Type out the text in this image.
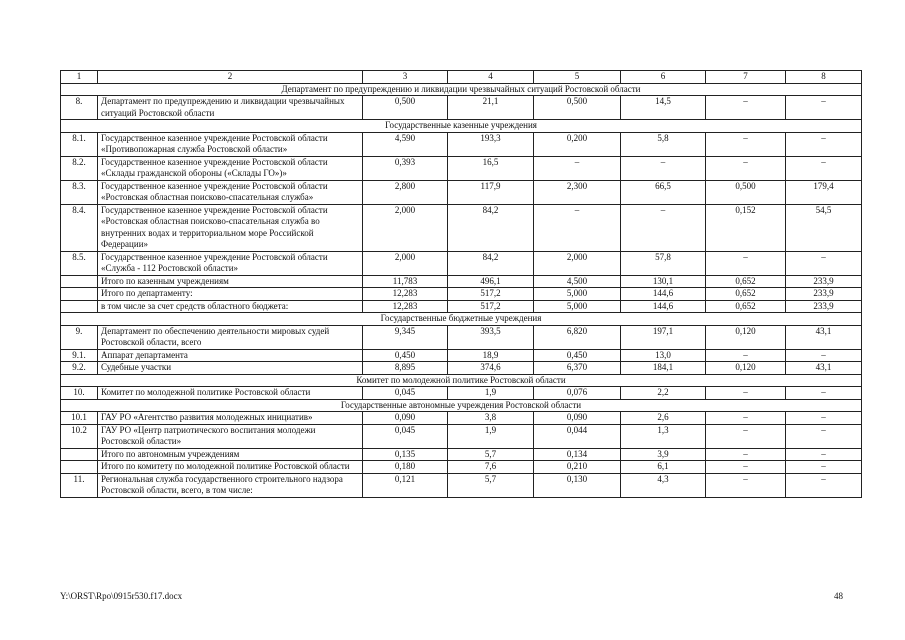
1	2	3	4	5	6	7	8
Департамент по предупреждению и ликвидации чрезвычайных ситуаций Ростовской области							
8.	Департамент по предупреждению и ликвидации чрезвычайных ситуаций Ростовской области	0,500	21,1	0,500	14,5	–	–
Государственные казенные учреждения							
8.1.	Государственное казенное учреждение Ростовской области «Противопожарная служба Ростовской области»	4,590	193,3	0,200	5,8	–	–
8.2.	Государственное казенное учреждение Ростовской области «Склады гражданской обороны («Склады ГО»)»	0,393	16,5	–	–	–	–
8.3.	Государственное казенное учреждение Ростовской области «Ростовская областная поисково-спасательная служба»	2,800	117,9	2,300	66,5	0,500	179,4
8.4.	Государственное казенное учреждение Ростовской области «Ростовская областная поисково-спасательная служба во внутренних водах и территориальном море Российской Федерации»	2,000	84,2	–	–	0,152	54,5
8.5.	Государственное казенное учреждение Ростовской области «Служба - 112 Ростовской области»	2,000	84,2	2,000	57,8	–	–
	Итого по казенным учреждениям	11,783	496,1	4,500	130,1	0,652	233,9
	Итого по департаменту:	12,283	517,2	5,000	144,6	0,652	233,9
	в том числе за счет средств областного бюджета:	12,283	517,2	5,000	144,6	0,652	233,9
Государственные бюджетные учреждения							
9.	Департамент по обеспечению деятельности мировых судей Ростовской области, всего	9,345	393,5	6,820	197,1	0,120	43,1
9.1.	Аппарат департамента	0,450	18,9	0,450	13,0	–	–
9.2.	Судебные участки	8,895	374,6	6,370	184,1	0,120	43,1
Комитет по молодежной политике Ростовской области							
10.	Комитет по молодежной политике Ростовской области	0,045	1,9	0,076	2,2	–	–
Государственные автономные учреждения Ростовской области							
10.1	ГАУ РО «Агентство развития молодежных инициатив»	0,090	3,8	0,090	2,6	–	–
10.2	ГАУ РО «Центр патриотического воспитания молодежи Ростовской области»	0,045	1,9	0,044	1,3	–	–
	Итого по автономным учреждениям	0,135	5,7	0,134	3,9	–	–
	Итого по комитету по молодежной политике Ростовской области	0,180	7,6	0,210	6,1	–	–
11.	Региональная служба государственного строительного надзора Ростовской области, всего, в том числе:	0,121	5,7	0,130	4,3	–	–
Y:\ORST\Rpo\0915r530.f17.docx	48
